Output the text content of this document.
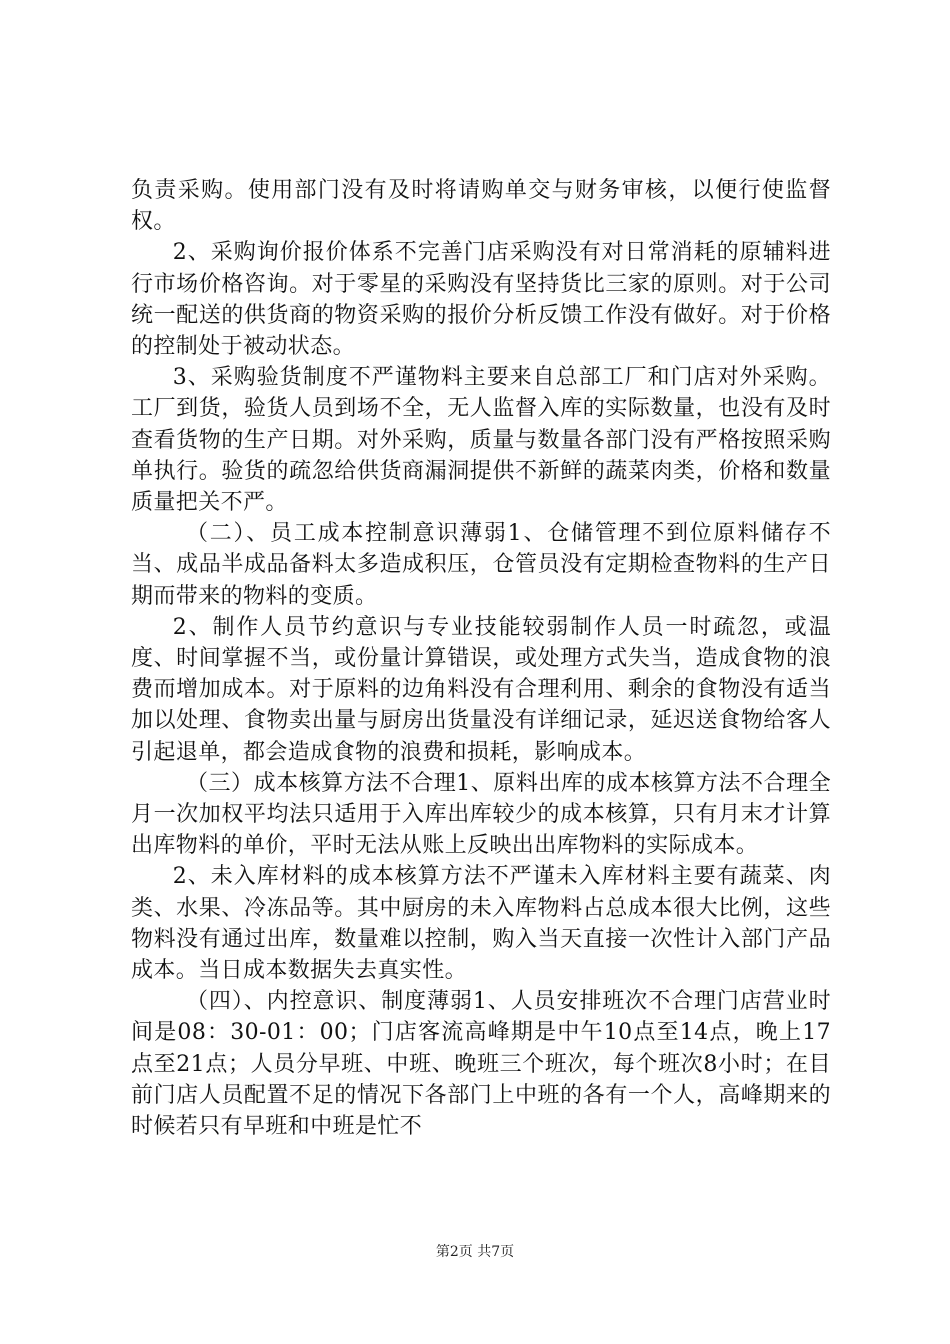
负责采购。使用部门没有及时将请购单交与财务审核，以便行使监督权。

2、采购询价报价体系不完善门店采购没有对日常消耗的原辅料进行市场价格咨询。对于零星的采购没有坚持货比三家的原则。对于公司统一配送的供货商的物资采购的报价分析反馈工作没有做好。对于价格的控制处于被动状态。

3、采购验货制度不严谨物料主要来自总部工厂和门店对外采购。工厂到货，验货人员到场不全，无人监督入库的实际数量，也没有及时查看货物的生产日期。对外采购，质量与数量各部门没有严格按照采购单执行。验货的疏忽给供货商漏洞提供不新鲜的蔬菜肉类，价格和数量质量把关不严。

（二）、员工成本控制意识薄弱1、仓储管理不到位原料储存不当、成品半成品备料太多造成积压，仓管员没有定期检查物料的生产日期而带来的物料的变质。

2、制作人员节约意识与专业技能较弱制作人员一时疏忽，或温度、时间掌握不当，或份量计算错误，或处理方式失当，造成食物的浪费而增加成本。对于原料的边角料没有合理利用、剩余的食物没有适当加以处理、食物卖出量与厨房出货量没有详细记录，延迟送食物给客人引起退单，都会造成食物的浪费和损耗，影响成本。

（三）成本核算方法不合理1、原料出库的成本核算方法不合理全月一次加权平均法只适用于入库出库较少的成本核算，只有月末才计算出库物料的单价，平时无法从账上反映出出库物料的实际成本。

2、未入库材料的成本核算方法不严谨未入库材料主要有蔬菜、肉类、水果、冷冻品等。其中厨房的未入库物料占总成本很大比例，这些物料没有通过出库，数量难以控制，购入当天直接一次性计入部门产品成本。当日成本数据失去真实性。

（四）、内控意识、制度薄弱1、人员安排班次不合理门店营业时间是08：30-01：00；门店客流高峰期是中午10点至14点，晚上17点至21点；人员分早班、中班、晚班三个班次，每个班次8小时；在目前门店人员配置不足的情况下各部门上中班的各有一个人，高峰期来的时候若只有早班和中班是忙不

第2页 共7页
